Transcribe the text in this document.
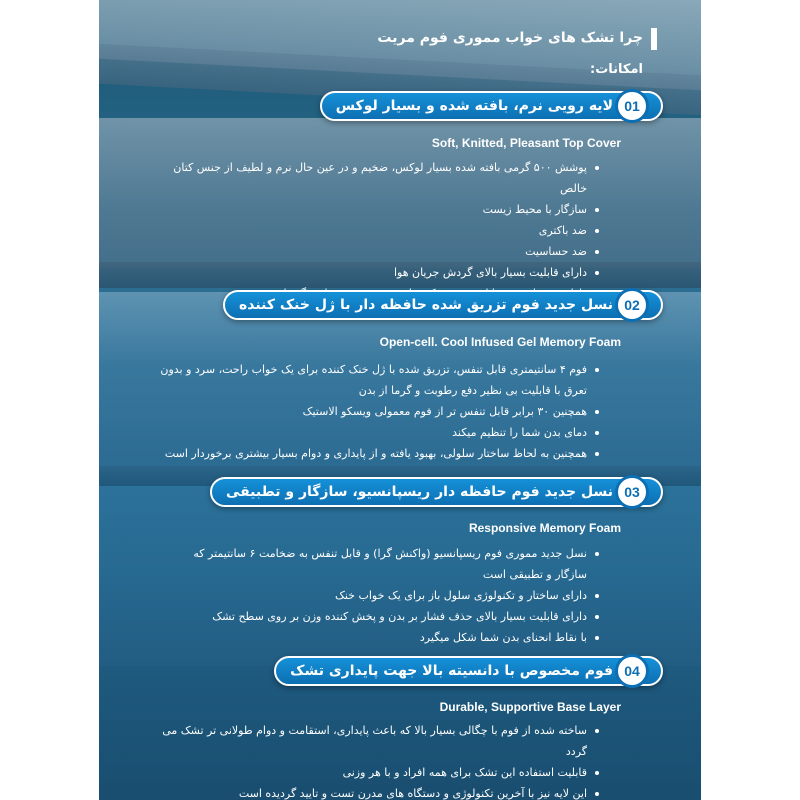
چرا تشک های خواب مموری فوم مریت
امکانات:
لایه رویی نرم، بافته شده و بسیار لوکس 01
Soft, Knitted, Pleasant Top Cover
پوشش ۵۰۰ گرمی بافته شده بسیار لوکس، ضخیم و در عین حال نرم و لطیف از جنس کتان خالص
سازگار با محیط زیست
ضد باکتری
ضد حساسیت
دارای قابلیت بسیار بالای گردش جریان هوا
نسل جدید فوم تزریق شده حافظه دار با ژل خنک کننده 02
Open-cell. Cool Infused Gel Memory Foam
فوم ۴ سانتیمتری قابل تنفس، تزریق شده با ژل خنک کننده برای یک خواب راحت، سرد و بدون تعرق با قابلیت بی نظیر دفع رطوبت و گرما از بدن
همچنین ۳۰ برابر قابل تنفس تر از فوم معمولی ویسکو الاستیک
دمای بدن شما را تنظیم میکند
همچنین به لحاظ ساختار سلولی، بهبود یافته و از پایداری و دوام بسیار بیشتری برخوردار است
نسل جدید فوم حافظه دار ریسپانسیو، سازگار و تطبیقی 03
Responsive Memory Foam
نسل جدید مموری فوم ریسپانسیو (واکنش گرا) و قابل تنفس به ضخامت ۶ سانتیمتر که سازگار و تطبیقی است
دارای ساختار و تکنولوژی سلول باز برای یک خواب خنک
دارای قابلیت بسیار بالای حذف فشار بر بدن و پخش کننده وزن بر روی سطح تشک
با نقاط انحنای بدن شما شکل میگیرد
فوم مخصوص با دانسیته بالا جهت پایداری تشک 04
Durable, Supportive Base Layer
ساخته شده از فوم با چگالی بسیار بالا که باعث پایداری، استقامت و دوام طولانی تر تشک می گردد
قابلیت استفاده این تشک برای همه افراد و با هر وزنی
این لایه نیز با آخرین تکنولوژی و دستگاه های مدرن تست و تایید گردیده است
